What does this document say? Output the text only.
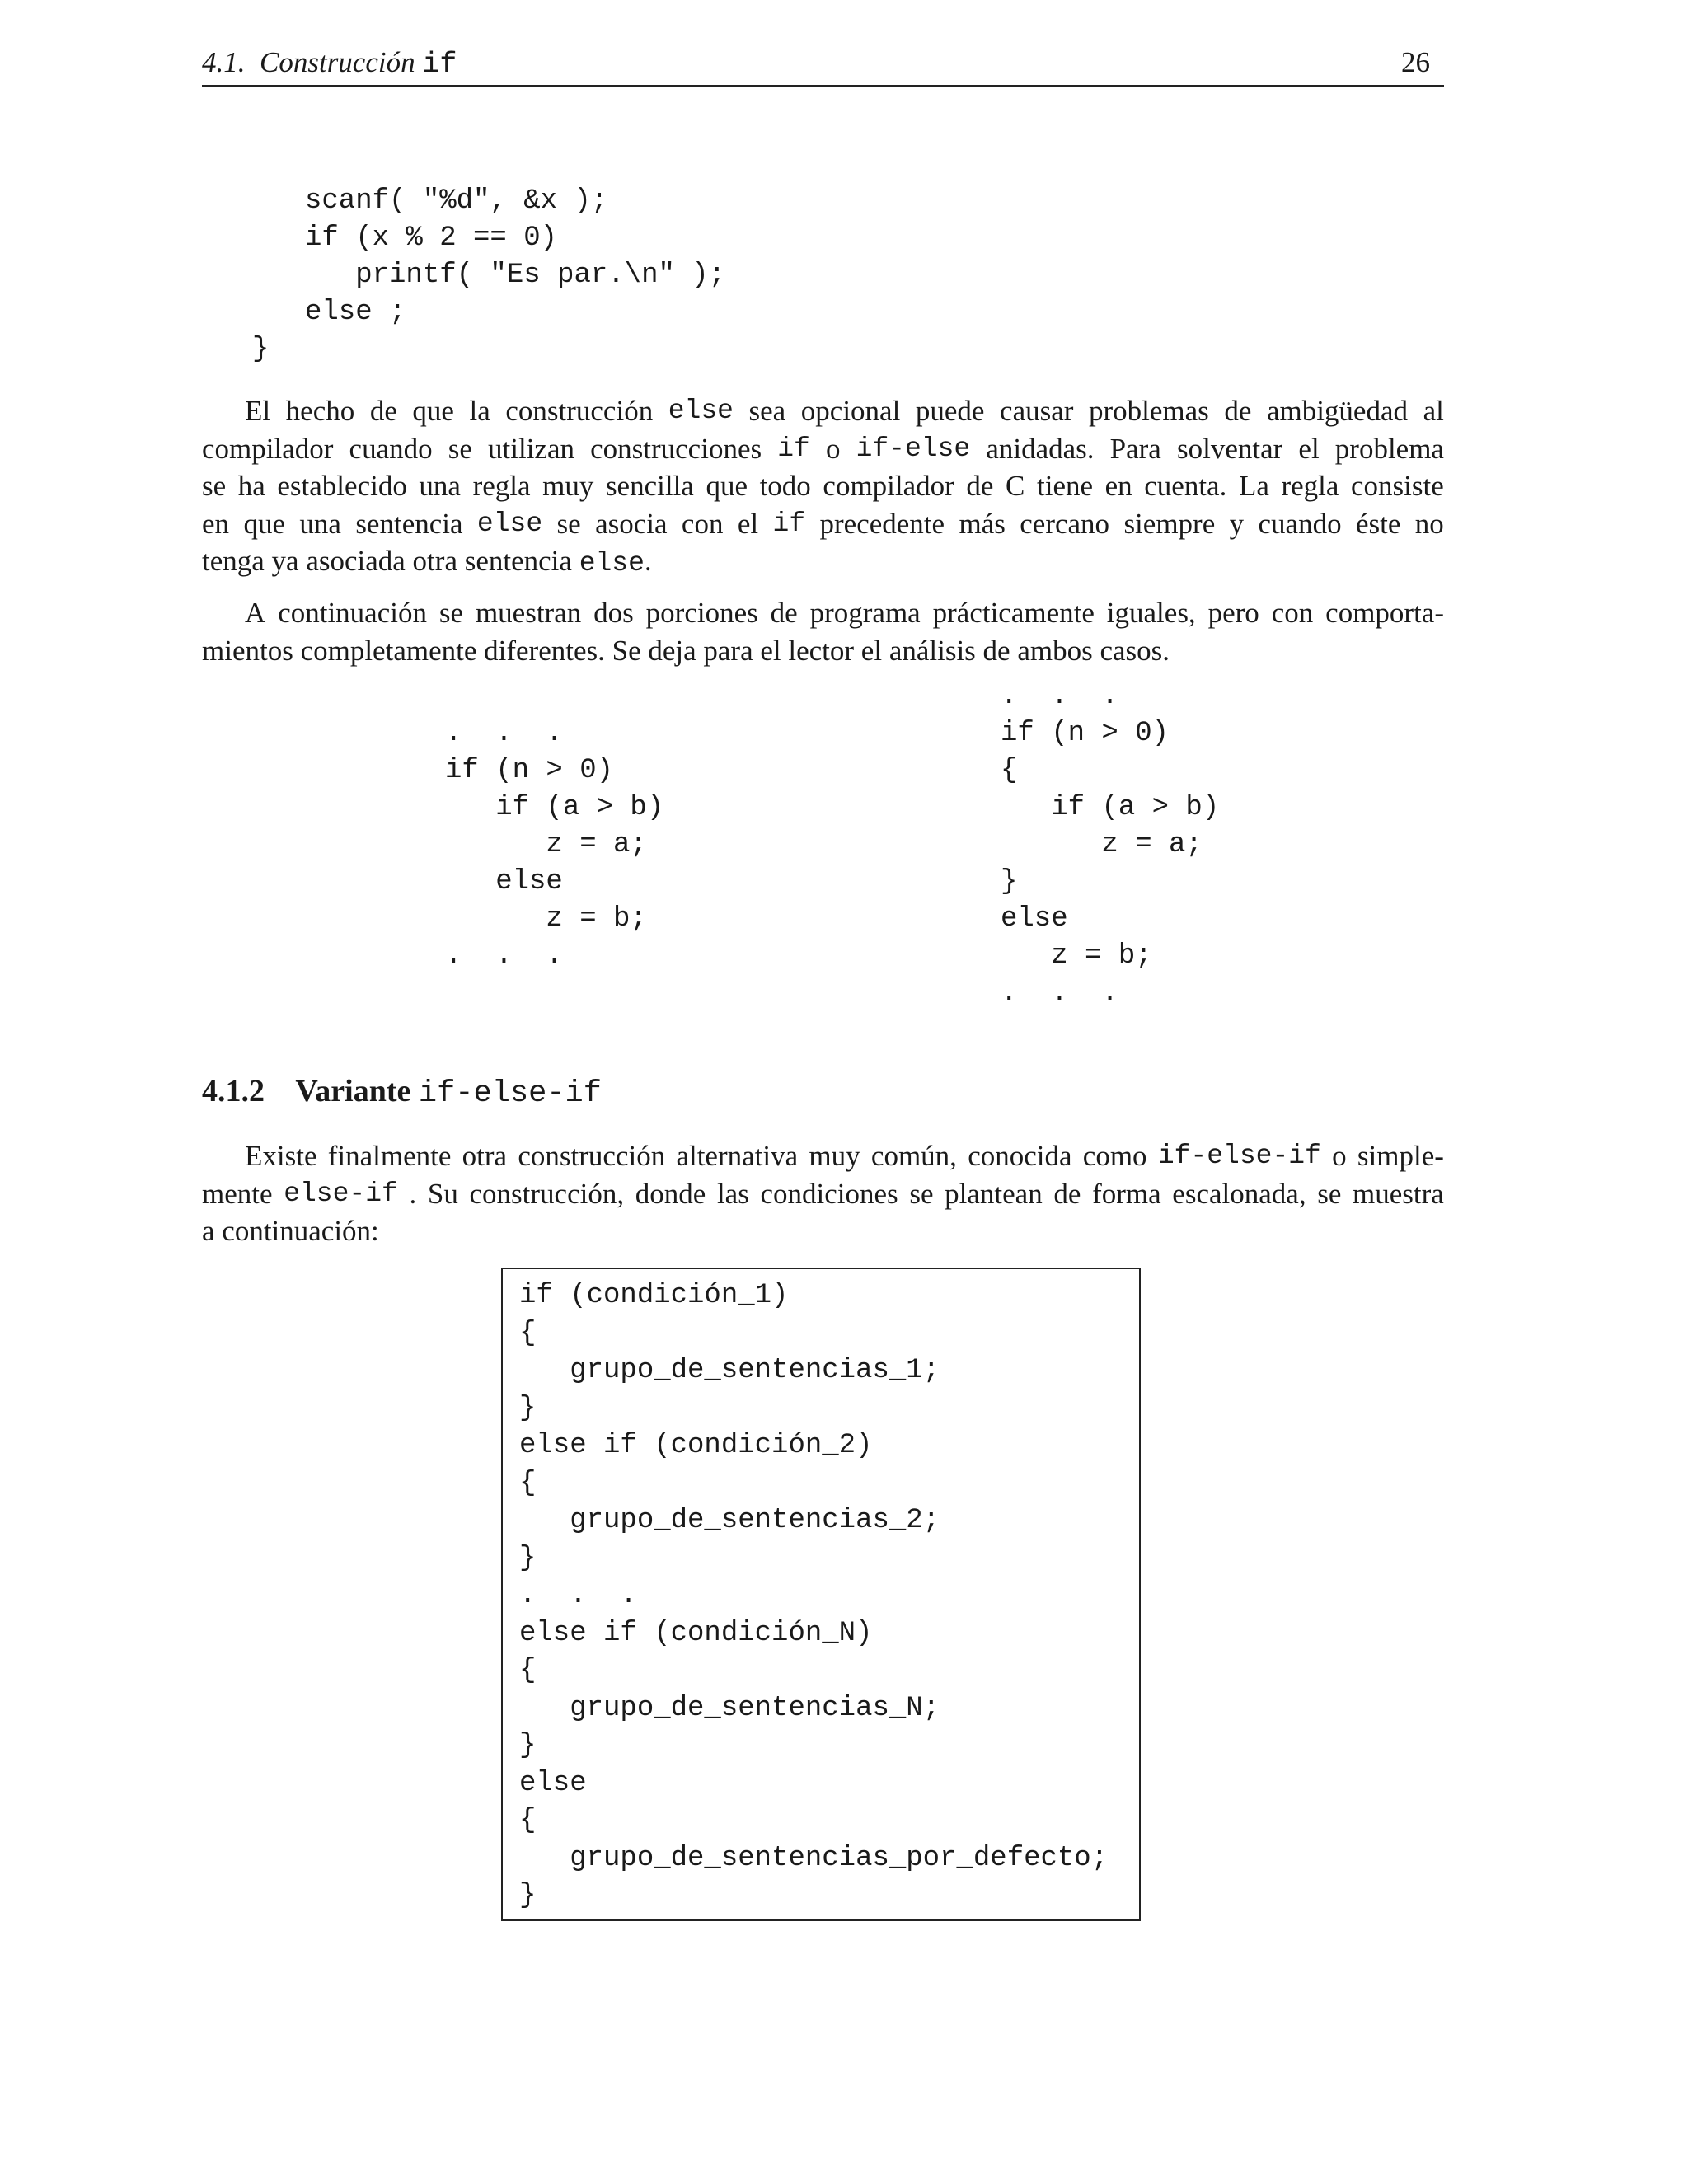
4.1. Construcción if	26
scanf( "%d", &x );
if (x % 2 == 0)
printf( "Es par.\n" );
else ;
}
El hecho de que la construcción else sea opcional puede causar problemas de ambigüedad al
compilador cuando se utilizan construcciones if o if-else anidadas. Para solventar el problema
se ha establecido una regla muy sencilla que todo compilador de C tiene en cuenta. La regla consiste
en que una sentencia else se asocia con el if precedente más cercano siempre y cuando éste no
tenga ya asociada otra sentencia else.
A continuación se muestran dos porciones de programa prácticamente iguales, pero con comporta-
mientos completamente diferentes. Se deja para el lector el análisis de ambos casos.
.  .  .
if (n > 0)
if (a > b)
z = a;
else
z = b;
.  .  .
.  .  .
if (n > 0)
{
if (a > b)
z = a;
}
else
z = b;
.  .  .
4.1.2 Variante if-else-if
Existe finalmente otra construcción alternativa muy común, conocida como if-else-if o simple-
mente else-if . Su construcción, donde las condiciones se plantean de forma escalonada, se muestra
a continuación:
if (condición_1)
{
grupo_de_sentencias_1;
}
else if (condición_2)
{
grupo_de_sentencias_2;
}
.  .  .
else if (condición_N)
{
grupo_de_sentencias_N;
}
else
{
grupo_de_sentencias_por_defecto;
}
